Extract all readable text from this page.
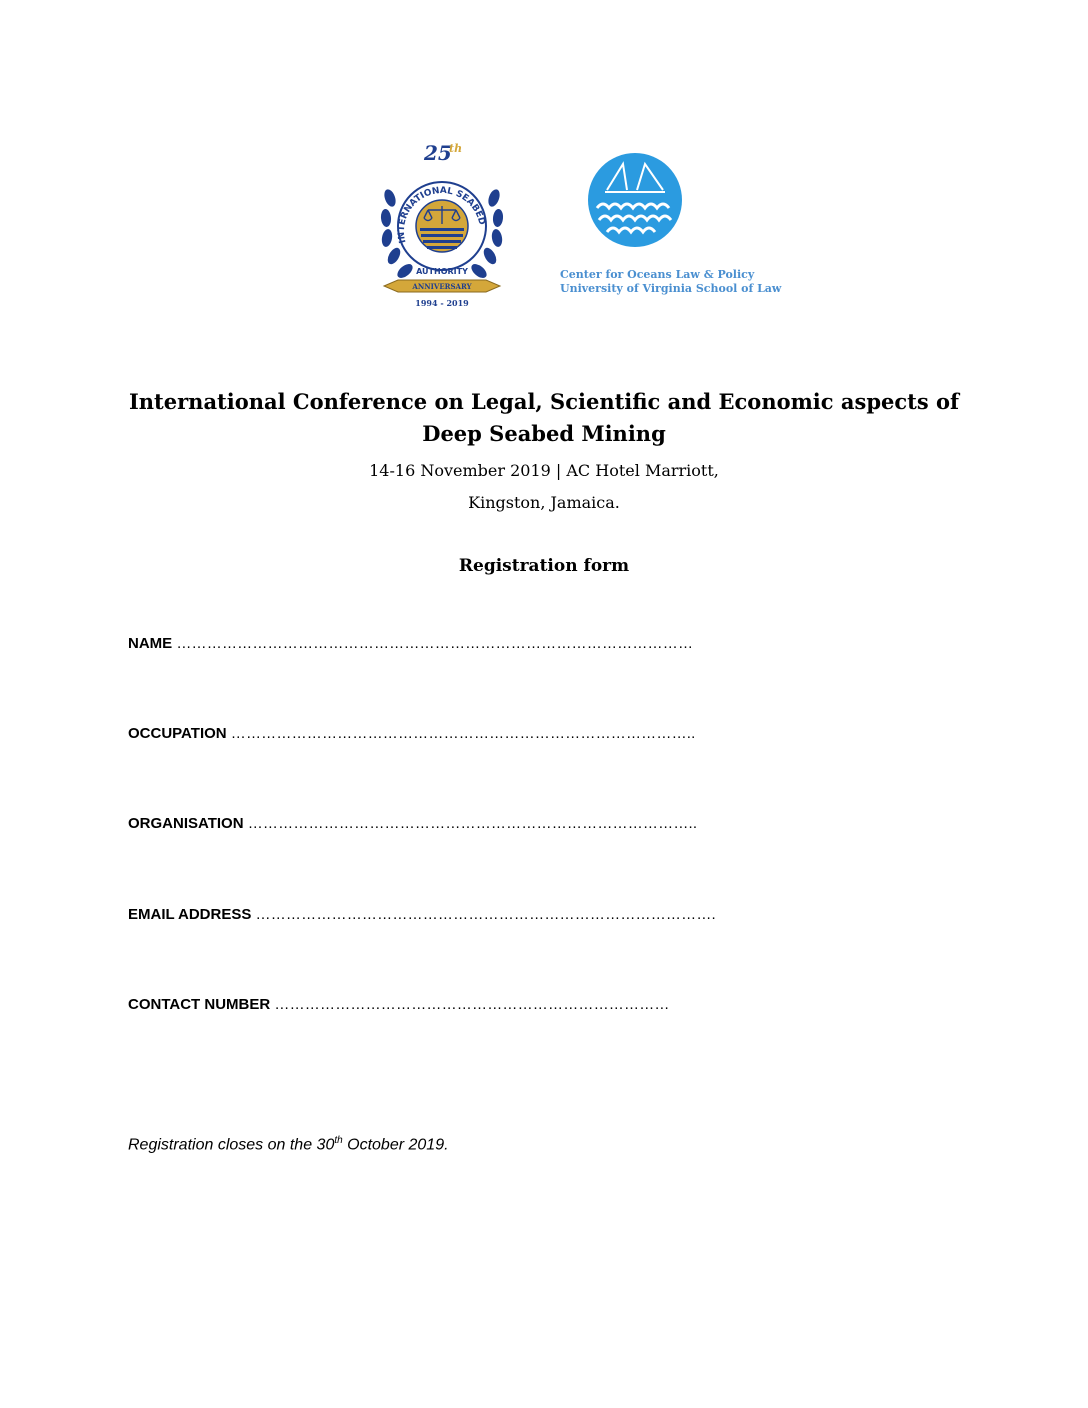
25
th
INTERNATIONAL SEABED
AUTHORITY
ANNIVERSARY
1994 - 2019
Center for Oceans Law & Policy
University of Virginia School of Law
International Conference on Legal, Scientific and Economic aspects of
Deep Seabed Mining
14-16 November 2019 | AC Hotel Marriott,
Kingston, Jamaica.
Registration form
NAME …………………………………………………………………………………………
OCCUPATION ………………………………………………………………………………..
ORGANISATION ……………………………………………………………………………..
EMAIL ADDRESS ……………………………………………………………………………….
CONTACT NUMBER ……………………………………………………………………
Registration closes on the 30th October 2019.
